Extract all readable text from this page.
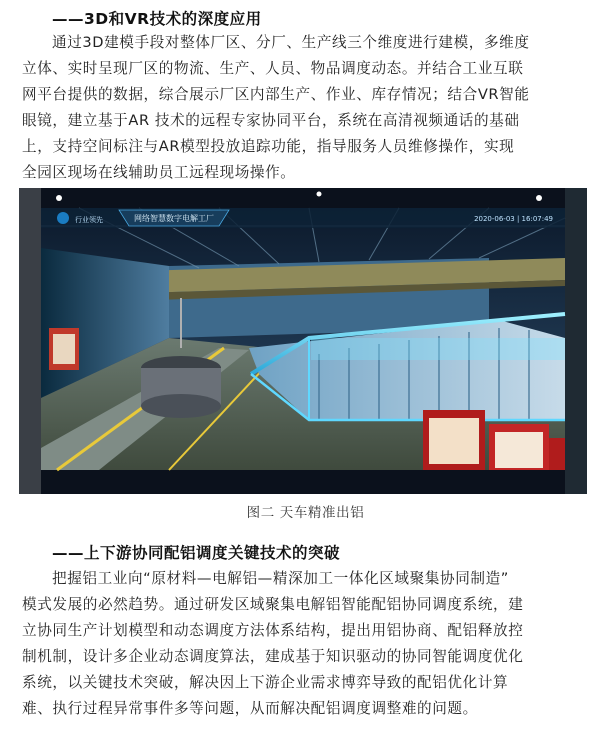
——3D和VR技术的深度应用
通过3D建模手段对整体厂区、分厂、生产线三个维度进行建模，多维度
立体、实时呈现厂区的物流、生产、人员、物品调度动态。并结合工业互联
网平台提供的数据，综合展示厂区内部生产、作业、库存情况；结合VR智能
眼镜，建立基于AR 技术的远程专家协同平台，系统在高清视频通话的基础
上，支持空间标注与AR模型投放追踪功能，指导服务人员维修操作，实现
全园区现场在线辅助员工远程现场操作。
行业领先	网络智慧数字电解工厂	2020-06-03 | 16:07:49
图二 天车精准出铝
——上下游协同配铝调度关键技术的突破
把握铝工业向“原材料—电解铝—精深加工一体化区域聚集协同制造”
模式发展的必然趋势。通过研发区域聚集电解铝智能配铝协同调度系统，建
立协同生产计划模型和动态调度方法体系结构，提出用铝协商、配铝释放控
制机制，设计多企业动态调度算法，建成基于知识驱动的协同智能调度优化
系统，以关键技术突破，解决因上下游企业需求博弈导致的配铝优化计算
难、执行过程异常事件多等问题，从而解决配铝调度调整难的问题。
